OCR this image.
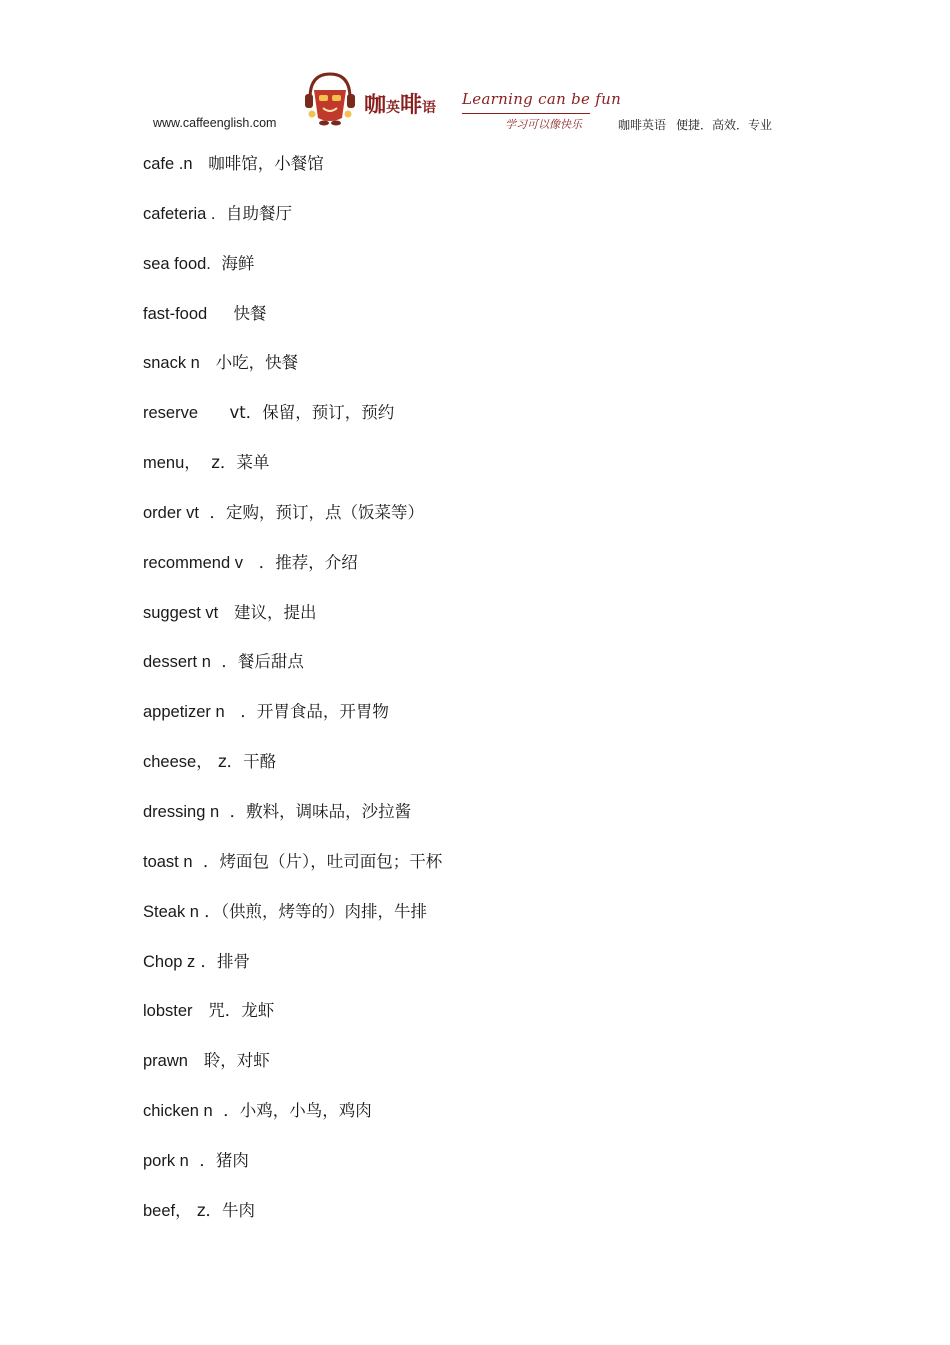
www.caffeenglish.com
咖英啡语 Learning can be fun
学习可以像快乐	咖啡英语 便捷．高效．专业
cafe .n 咖啡馆，小餐馆
cafeteria . 自助餐厅
sea food. 海鲜
fast-food 快餐
snack n 小吃，快餐
reserve vt．保留，预订，预约
menu， z．菜单
order vt ．定购，预订，点（饭菜等）
recommend v ．推荐，介绍
suggest vt 建议，提出
dessert n ．餐后甜点
appetizer n ．开胃食品，开胃物
cheese， z．干酪
dressing n ．敷料，调味品，沙拉酱
toast n ．烤面包（片），吐司面包；干杯
Steak n ．（供煎，烤等的）肉排，牛排
Chop z ．排骨
lobster 咒．龙虾
prawn 聆，对虾
chicken n ．小鸡，小鸟，鸡肉
pork n ．猪肉
beef， z．牛肉
